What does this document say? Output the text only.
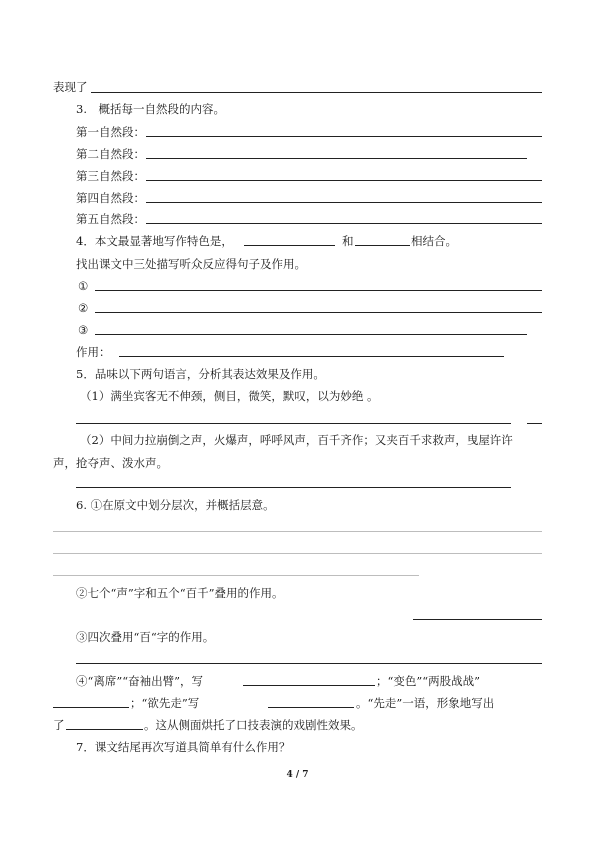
表现了
3.　概括每一自然段的内容。
第一自然段：
第二自然段：
第三自然段：
第四自然段：
第五自然段：
4．本文最显著地写作特色是，	和	相结合。
找出课文中三处描写听众反应得句子及作用。
①
②
③
作用：
5．品味以下两句语言，分析其表达效果及作用。
（1）满坐宾客无不伸颈，侧目，微笑，默叹，以为妙绝 。
（2）中间力拉崩倒之声，火爆声，呼呼风声，百千齐作；又夹百千求救声，曳屋许许
声，抢夺声、泼水声。
6. ①在原文中划分层次，并概括层意。
②七个“声”字和五个“百千”叠用的作用。
③四次叠用“百“字的作用。
④“离席”“奋袖出臂”，写	；“变色”“两股战战”
；“欲先走”写	。“先走”一语，形象地写出
了	。这从侧面烘托了口技表演的戏剧性效果。
7．课文结尾再次写道具简单有什么作用？
4 / 7
